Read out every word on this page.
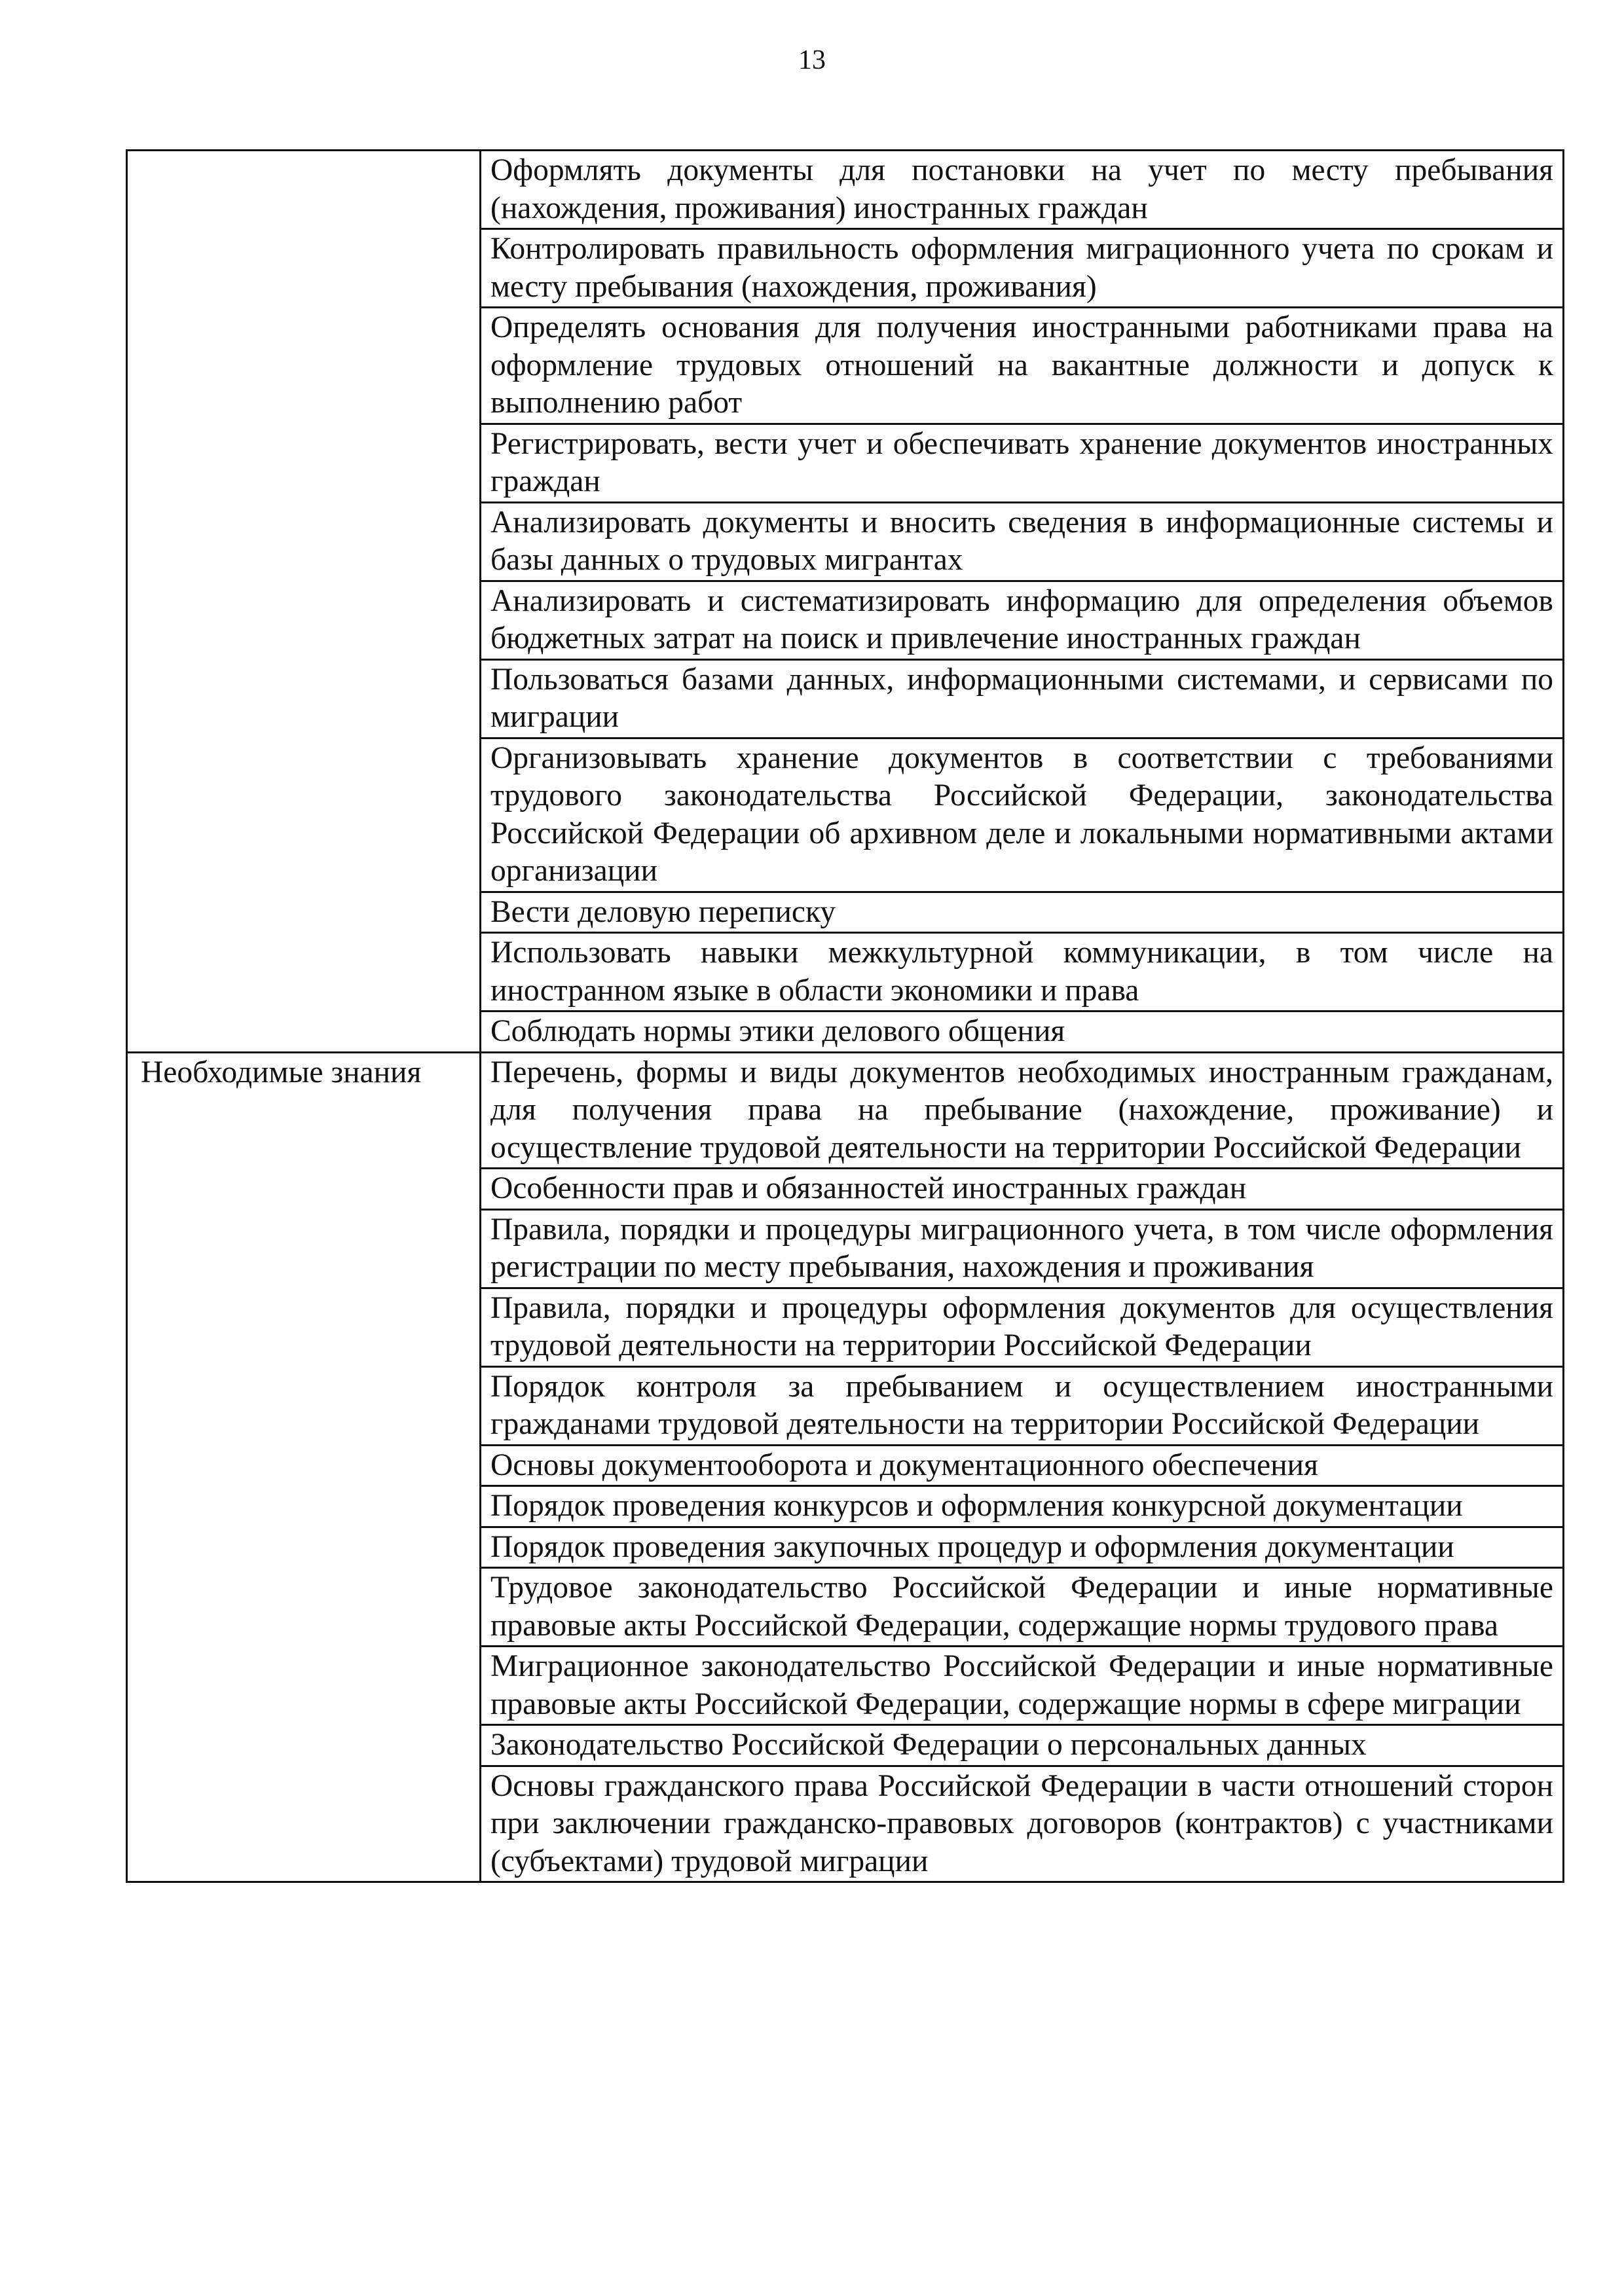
13
	Оформлять документы для постановки на учет по месту пребывания (нахождения, проживания) иностранных граждан
	Контролировать правильность оформления миграционного учета по срокам и месту пребывания (нахождения, проживания)
	Определять основания для получения иностранными работниками права на оформление трудовых отношений на вакантные должности и допуск к выполнению работ
	Регистрировать, вести учет и обеспечивать хранение документов иностранных граждан
	Анализировать документы и вносить сведения в информационные системы и базы данных о трудовых мигрантах
	Анализировать и систематизировать информацию для определения объемов бюджетных затрат на поиск и привлечение иностранных граждан
	Пользоваться базами данных, информационными системами, и сервисами по миграции
	Организовывать хранение документов в соответствии с требованиями трудового законодательства Российской Федерации, законодательства Российской Федерации об архивном деле и локальными нормативными актами организации
	Вести деловую переписку
	Использовать навыки межкультурной коммуникации, в том числе на иностранном языке в области экономики и права
	Соблюдать нормы этики делового общения
Необходимые знания	Перечень, формы и виды документов необходимых иностранным гражданам, для получения права на пребывание (нахождение, проживание) и осуществление трудовой деятельности на территории Российской Федерации
	Особенности прав и обязанностей иностранных граждан
	Правила, порядки и процедуры миграционного учета, в том числе оформления регистрации по месту пребывания, нахождения и проживания
	Правила, порядки и процедуры оформления документов для осуществления трудовой деятельности на территории Российской Федерации
	Порядок контроля за пребыванием и осуществлением иностранными гражданами трудовой деятельности на территории Российской Федерации
	Основы документооборота и документационного обеспечения
	Порядок проведения конкурсов и оформления конкурсной документации
	Порядок проведения закупочных процедур и оформления документации
	Трудовое законодательство Российской Федерации и иные нормативные правовые акты Российской Федерации, содержащие нормы трудового права
	Миграционное законодательство Российской Федерации и иные нормативные правовые акты Российской Федерации, содержащие нормы в сфере миграции
	Законодательство Российской Федерации о персональных данных
	Основы гражданского права Российской Федерации в части отношений сторон при заключении гражданско-правовых договоров (контрактов) с участниками (субъектами) трудовой миграции
